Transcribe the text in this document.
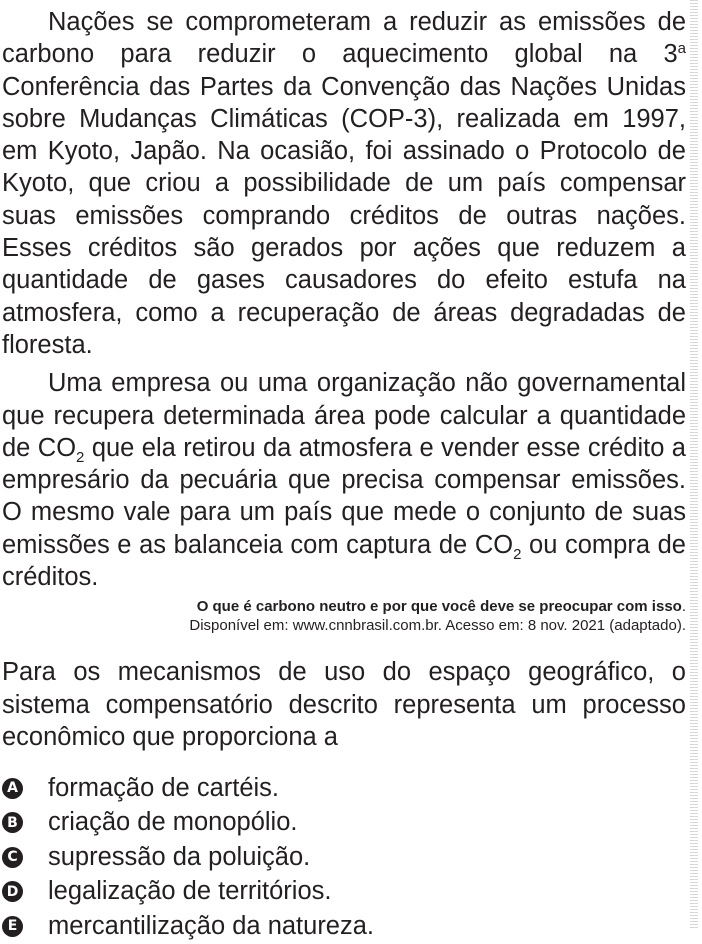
Nações se comprometeram a reduzir as emissões de carbono para reduzir o aquecimento global na 3$^a$ Conferência das Partes da Convenção das Nações Unidas sobre Mudanças Climáticas (COP-3), realizada em 1997, em Kyoto, Japão. Na ocasião, foi assinado o Protocolo de Kyoto, que criou a possibilidade de um país compensar suas emissões comprando créditos de outras nações. Esses créditos são gerados por ações que reduzem a quantidade de gases causadores do efeito estufa na atmosfera, como a recuperação de áreas degradadas de floresta.

Uma empresa ou uma organização não governamental que recupera determinada área pode calcular a quantidade de $CO_2$ que ela retirou da atmosfera e vender esse crédito a empresário da pecuária que precisa compensar emissões. O mesmo vale para um país que mede o conjunto de suas emissões e as balanceia com captura de $CO_2$ ou compra de créditos.

O que é carbono neutro e por que você deve se preocupar com isso.
Disponível em: www.cnnbrasil.com.br. Acesso em: 8 nov. 2021 (adaptado).

Para os mecanismos de uso do espaço geográfico, o sistema compensatório descrito representa um processo econômico que proporciona a

A formação de cartéis.
B criação de monopólio.
C supressão da poluição.
D legalização de territórios.
E mercantilização da natureza.
